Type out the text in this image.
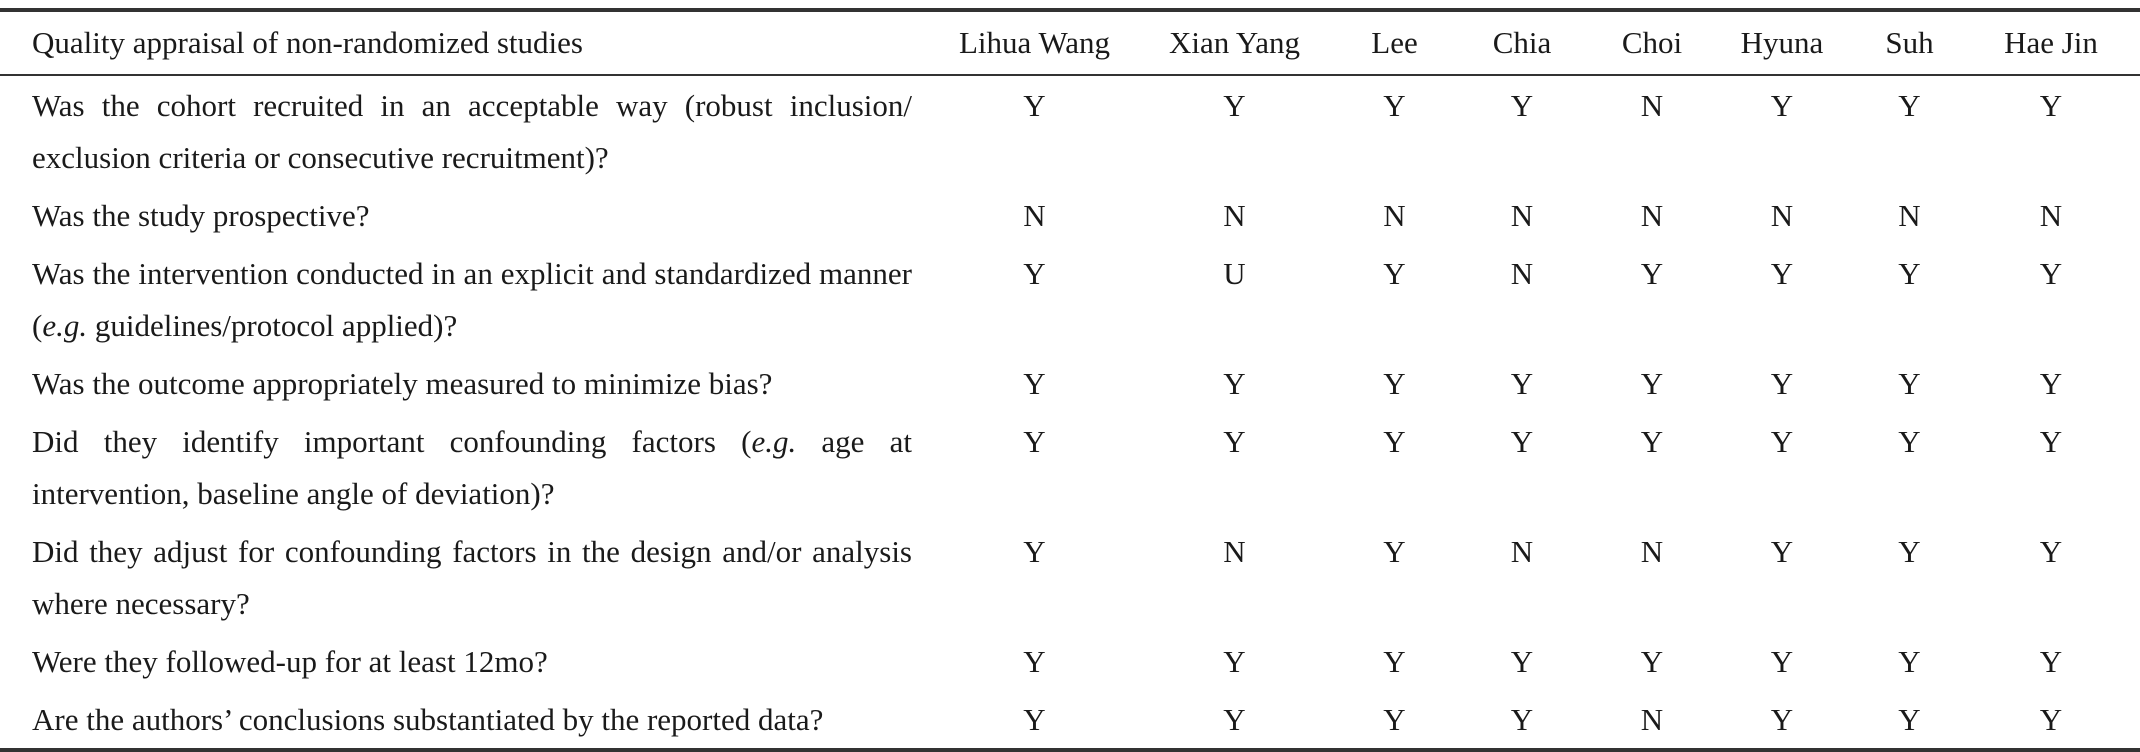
Quality appraisal of non-randomized studies	Lihua Wang	Xian Yang	Lee	Chia	Choi	Hyuna	Suh	Hae Jin
Was the cohort recruited in an acceptable way (robust inclusion/ exclusion criteria or consecutive recruitment)?	Y	Y	Y	Y	N	Y	Y	Y
Was the study prospective?	N	N	N	N	N	N	N	N
Was the intervention conducted in an explicit and standardized manner (e.g. guidelines/protocol applied)?	Y	U	Y	N	Y	Y	Y	Y
Was the outcome appropriately measured to minimize bias?	Y	Y	Y	Y	Y	Y	Y	Y
Did they identify important confounding factors (e.g. age at intervention, baseline angle of deviation)?	Y	Y	Y	Y	Y	Y	Y	Y
Did they adjust for confounding factors in the design and/or analysis where necessary?	Y	N	Y	N	N	Y	Y	Y
Were they followed-up for at least 12mo?	Y	Y	Y	Y	Y	Y	Y	Y
Are the authors’ conclusions substantiated by the reported data?	Y	Y	Y	Y	N	Y	Y	Y
